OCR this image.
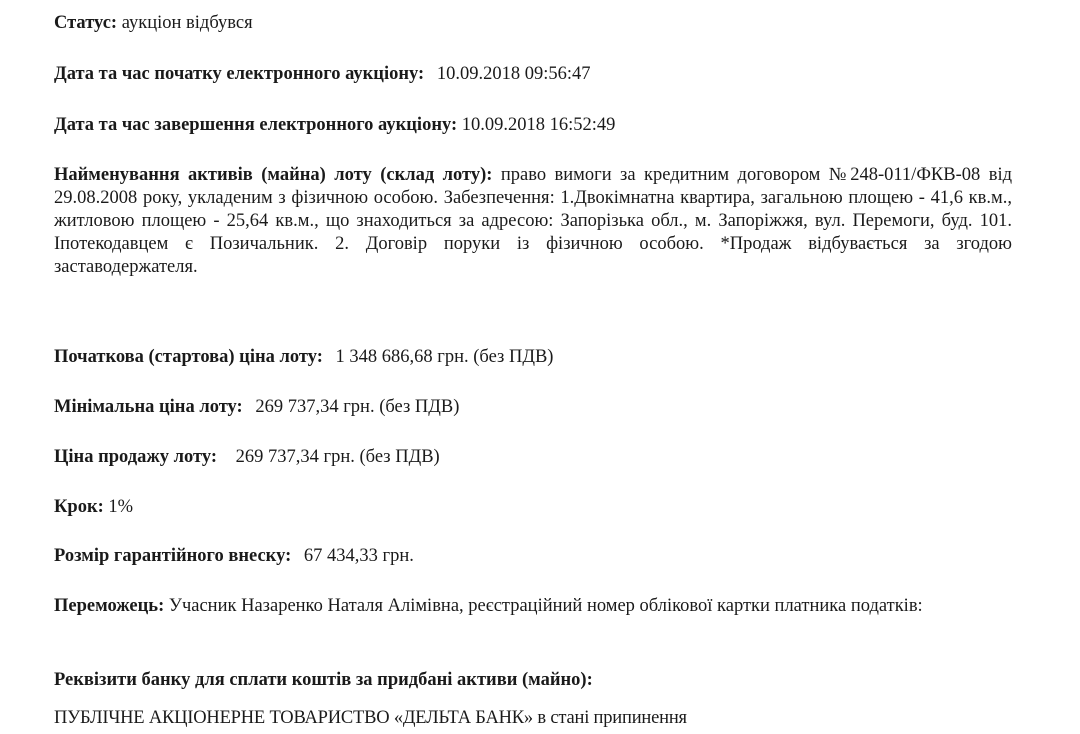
Статус: аукціон відбувся

Дата та час початку електронного аукціону: 10.09.2018 09:56:47

Дата та час завершення електронного аукціону: 10.09.2018 16:52:49

Найменування активів (майна) лоту (склад лоту): право вимоги за кредитним договором №248-011/ФКВ-08 від 29.08.2008 року, укладеним з фізичною особою. Забезпечення: 1.Двокімнатна квартира, загальною площею - 41,6 кв.м., житловою площею - 25,64 кв.м., що знаходиться за адресою: Запорізька обл., м. Запоріжжя, вул. Перемоги, буд. 101. Іпотекодавцем є Позичальник. 2. Договір поруки із фізичною особою. *Продаж відбувається за згодою заставодержателя.

Початкова (стартова) ціна лоту: 1 348 686,68 грн. (без ПДВ)

Мінімальна ціна лоту: 269 737,34 грн. (без ПДВ)

Ціна продажу лоту: 269 737,34 грн. (без ПДВ)

Крок: 1%

Розмір гарантійного внеску: 67 434,33 грн.

Переможець: Учасник Назаренко Наталя Алімівна, реєстраційний номер облікової картки платника податків:

Реквізити банку для сплати коштів за придбані активи (майно):

ПУБЛІЧНЕ АКЦІОНЕРНЕ ТОВАРИСТВО «ДЕЛЬТА БАНК» в стані припинення
